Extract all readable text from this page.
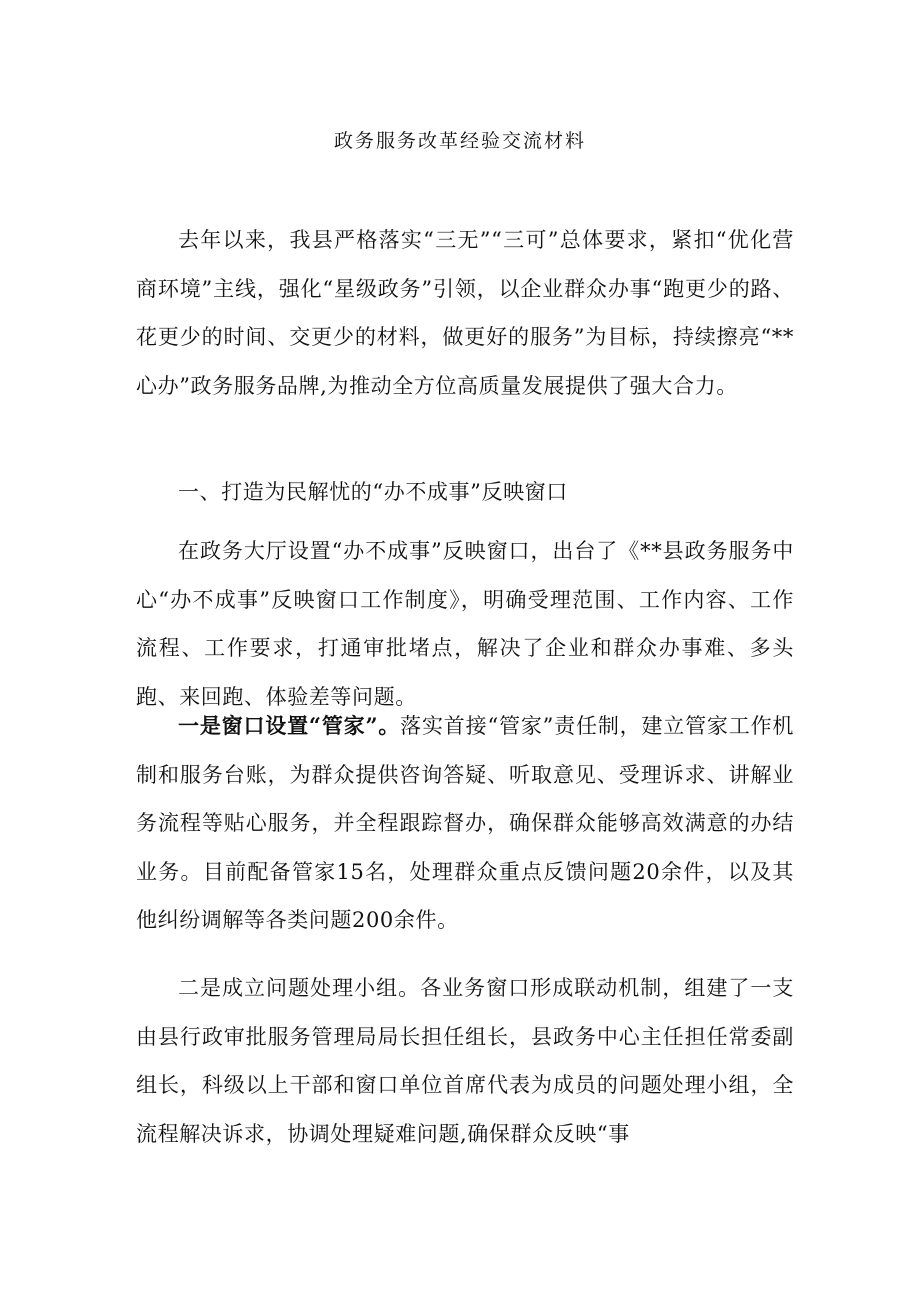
政务服务改革经验交流材料

去年以来，我县严格落实“三无”“三可”总体要求，紧扣“优化营商环境”主线，强化“星级政务”引领，以企业群众办事“跑更少的路、花更少的时间、交更少的材料，做更好的服务”为目标，持续擦亮“**心办”政务服务品牌,为推动全方位高质量发展提供了强大合力。

一、打造为民解忧的“办不成事”反映窗口

在政务大厅设置“办不成事”反映窗口，出台了《**县政务服务中心“办不成事”反映窗口工作制度》，明确受理范围、工作内容、工作流程、工作要求，打通审批堵点，解决了企业和群众办事难、多头跑、来回跑、体验差等问题。

一是窗口设置“管家”。落实首接“管家”责任制，建立管家工作机制和服务台账，为群众提供咨询答疑、听取意见、受理诉求、讲解业务流程等贴心服务，并全程跟踪督办，确保群众能够高效满意的办结业务。目前配备管家15名，处理群众重点反馈问题20余件，以及其他纠纷调解等各类问题200余件。

二是成立问题处理小组。各业务窗口形成联动机制，组建了一支由县行政审批服务管理局局长担任组长，县政务中心主任担任常委副组长，科级以上干部和窗口单位首席代表为成员的问题处理小组，全流程解决诉求，协调处理疑难问题,确保群众反映“事
